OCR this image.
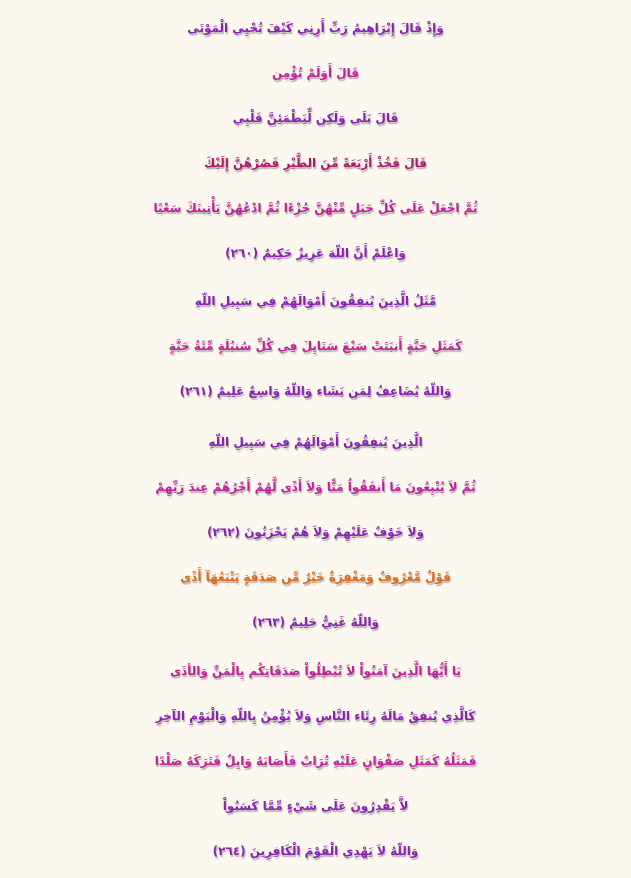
وَإِذْ قَالَ إِبْرَاهِيمُ رَبِّ أَرِنِي كَيْفَ تُحْيِي الْمَوْتَى
قَالَ أَوَلَمْ تُؤْمِن
قَالَ بَلَى وَلَكِن لِّيَطْمَئِنَّ قَلْبِي
قَالَ فَخُذْ أَرْبَعَةً مِّنَ الطَّيْرِ فَصُرْهُنَّ إِلَيْكَ
ثُمَّ اجْعَلْ عَلَى كُلِّ جَبَلٍ مِّنْهُنَّ جُزْءًا ثُمَّ ادْعُهُنَّ يَأْتِينَكَ سَعْيًا
وَاعْلَمْ أَنَّ اللّهَ عَزِيزٌ حَكِيمٌ (٢٦٠)
مَّثَلُ الَّذِينَ يُنفِقُونَ أَمْوَالَهُمْ فِي سَبِيلِ اللّهِ
كَمَثَلِ حَبَّةٍ أَنبَتَتْ سَبْعَ سَنَابِلَ فِي كُلِّ سُنبُلَةٍ مِّئَةُ حَبَّةٍ
وَاللّهُ يُضَاعِفُ لِمَن يَشَاء وَاللّهُ وَاسِعٌ عَلِيمٌ (٢٦١)
الَّذِينَ يُنفِقُونَ أَمْوَالَهُمْ فِي سَبِيلِ اللّهِ
ثُمَّ لاَ يُتْبِعُونَ مَا أَنفَقُواُ مَنًّا وَلاَ أَذًى لَّهُمْ أَجْرُهُمْ عِندَ رَبِّهِمْ
وَلاَ خَوْفٌ عَلَيْهِمْ وَلاَ هُمْ يَحْزَنُونَ (٢٦٢)
قَوْلٌ مَّعْرُوفٌ وَمَغْفِرَةٌ خَيْرٌ مِّن صَدَقَةٍ يَتْبَعُهَآ أَذًى
وَاللّهُ غَنِيٌّ حَلِيمٌ (٢٦٣)
يَا أَيُّهَا الَّذِينَ آمَنُواْ لاَ تُبْطِلُواْ صَدَقَاتِكُم بِالْمَنِّ وَالأذَى
كَالَّذِي يُنفِقُ مَالَهُ رِئَاء النَّاسِ وَلاَ يُؤْمِنُ بِاللّهِ وَالْيَوْمِ الآخِرِ
فَمَثَلُهُ كَمَثَلِ صَفْوَانٍ عَلَيْهِ تُرَابٌ فَأَصَابَهُ وَابِلٌ فَتَرَكَهُ صَلْدًا
لاَّ يَقْدِرُونَ عَلَى شَيْءٍ مِّمَّا كَسَبُواْ
وَاللّهُ لاَ يَهْدِي الْقَوْمَ الْكَافِرِينَ (٢٦٤)
